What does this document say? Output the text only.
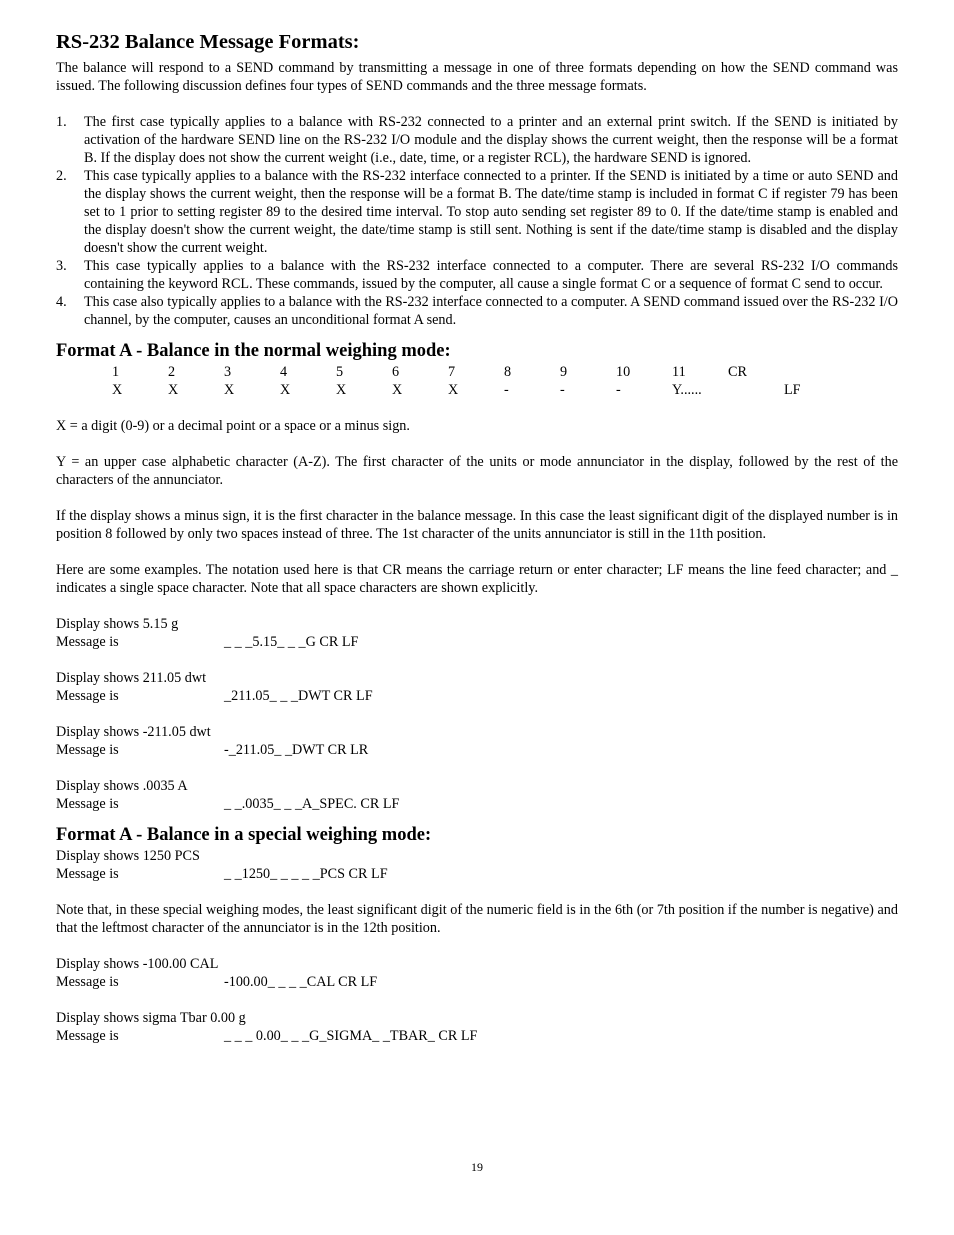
RS-232 Balance Message Formats:

The balance will respond to a SEND command by transmitting a message in one of three formats depending on how the SEND command was issued. The following discussion defines four types of SEND commands and the three message formats.

1. The first case typically applies to a balance with RS-232 connected to a printer and an external print switch. If the SEND is initiated by activation of the hardware SEND line on the RS-232 I/O module and the display shows the current weight, then the response will be a format B. If the display does not show the current weight (i.e., date, time, or a register RCL), the hardware SEND is ignored.
2. This case typically applies to a balance with the RS-232 interface connected to a printer. If the SEND is initiated by a time or auto SEND and the display shows the current weight, then the response will be a format B. The date/time stamp is included in format C if register 79 has been set to 1 prior to setting register 89 to the desired time interval. To stop auto sending set register 89 to 0. If the date/time stamp is enabled and the display doesn't show the current weight, the date/time stamp is still sent. Nothing is sent if the date/time stamp is disabled and the display doesn't show the current weight.
3. This case typically applies to a balance with the RS-232 interface connected to a computer. There are several RS-232 I/O commands containing the keyword RCL. These commands, issued by the computer, all cause a single format C or a sequence of format C send to occur.
4. This case also typically applies to a balance with the RS-232 interface connected to a computer. A SEND command issued over the RS-232 I/O channel, by the computer, causes an unconditional format A send.
Format A - Balance in the normal weighing mode:
1	2	3	4	5	6	7	8	9	10	11	CR	
X	X	X	X	X	X	X	-	-	-	Y......		LF

X = a digit (0-9) or a decimal point or a space or a minus sign.

Y = an upper case alphabetic character (A-Z). The first character of the units or mode annunciator in the display, followed by the rest of the characters of the annunciator.

If the display shows a minus sign, it is the first character in the balance message. In this case the least significant digit of the displayed number is in position 8 followed by only two spaces instead of three. The 1st character of the units annunciator is still in the 11th position.

Here are some examples. The notation used here is that CR means the carriage return or enter character; LF means the line feed character; and _ indicates a single space character. Note that all space characters are shown explicitly.

Display shows 5.15 g
Message is	_ _ _5.15_ _ _G CR LF
Display shows 211.05 dwt
Message is	_211.05_ _ _DWT CR LF
Display shows -211.05 dwt
Message is	-_211.05_ _DWT CR LR
Display shows .0035 A
Message is	_ _.0035_ _ _A_SPEC. CR LF
Format A - Balance in a special weighing mode:
Display shows 1250 PCS
Message is	_ _1250_ _ _ _ _PCS CR LF

Note that, in these special weighing modes, the least significant digit of the numeric field is in the 6th (or 7th position if the number is negative) and that the leftmost character of the annunciator is in the 12th position.

Display shows -100.00 CAL
Message is	-100.00_ _ _ _CAL CR LF
Display shows sigma Tbar 0.00 g
Message is	_ _ _ 0.00_ _ _G_SIGMA_ _TBAR_ CR LF
19
